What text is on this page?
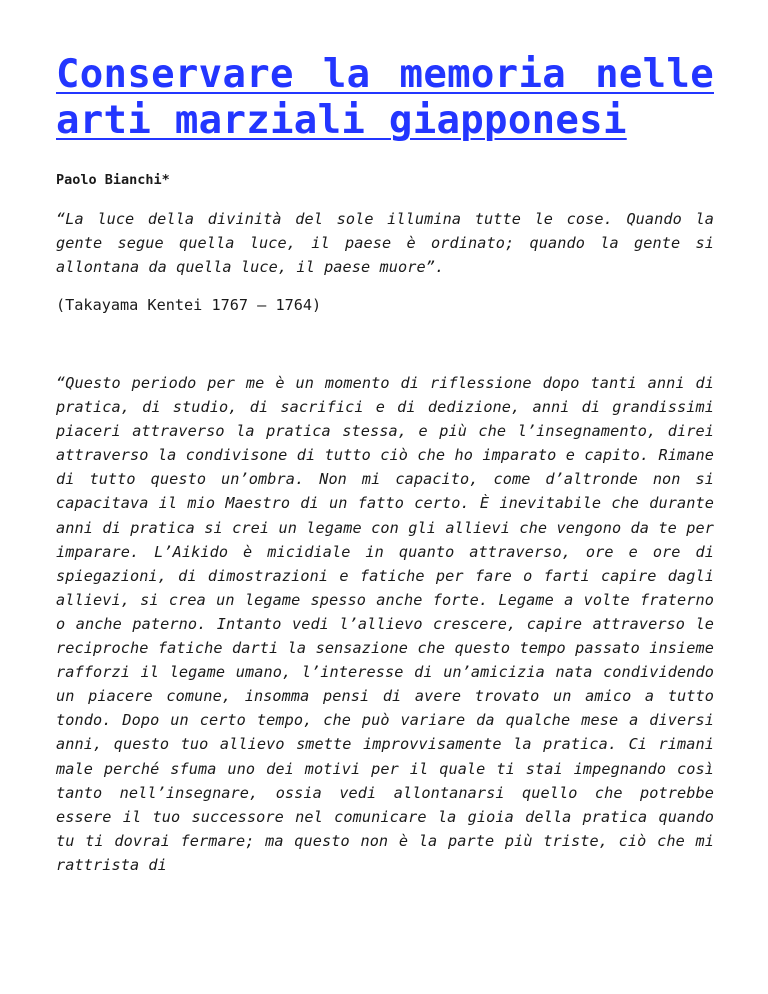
Conservare la memoria nelle arti marziali giapponesi

Paolo Bianchi*

“La luce della divinità del sole illumina tutte le cose. Quando la gente segue quella luce, il paese è ordinato; quando la gente si allontana da quella luce, il paese muore”.

(Takayama Kentei 1767 – 1764)

“Questo periodo per me è un momento di riflessione dopo tanti anni di pratica, di studio, di sacrifici e di dedizione, anni di grandissimi piaceri attraverso la pratica stessa, e più che l’insegnamento, direi attraverso la condivisone di tutto ciò che ho imparato e capito. Rimane di tutto questo un’ombra. Non mi capacito, come d’altronde non si capacitava il mio Maestro di un fatto certo. È inevitabile che durante anni di pratica si crei un legame con gli allievi che vengono da te per imparare. L’Aikido è micidiale in quanto attraverso, ore e ore di spiegazioni, di dimostrazioni e fatiche per fare o farti capire dagli allievi, si crea un legame spesso anche forte. Legame a volte fraterno o anche paterno. Intanto vedi l’allievo crescere, capire attraverso le reciproche fatiche darti la sensazione che questo tempo passato insieme rafforzi il legame umano, l’interesse di un’amicizia nata condividendo un piacere comune, insomma pensi di avere trovato un amico a tutto tondo. Dopo un certo tempo, che può variare da qualche mese a diversi anni, questo tuo allievo smette improvvisamente la pratica. Ci rimani male perché sfuma uno dei motivi per il quale ti stai impegnando così tanto nell’insegnare, ossia vedi allontanarsi quello che potrebbe essere il tuo successore nel comunicare la gioia della pratica quando tu ti dovrai fermare; ma questo non è la parte più triste, ciò che mi rattrista di
